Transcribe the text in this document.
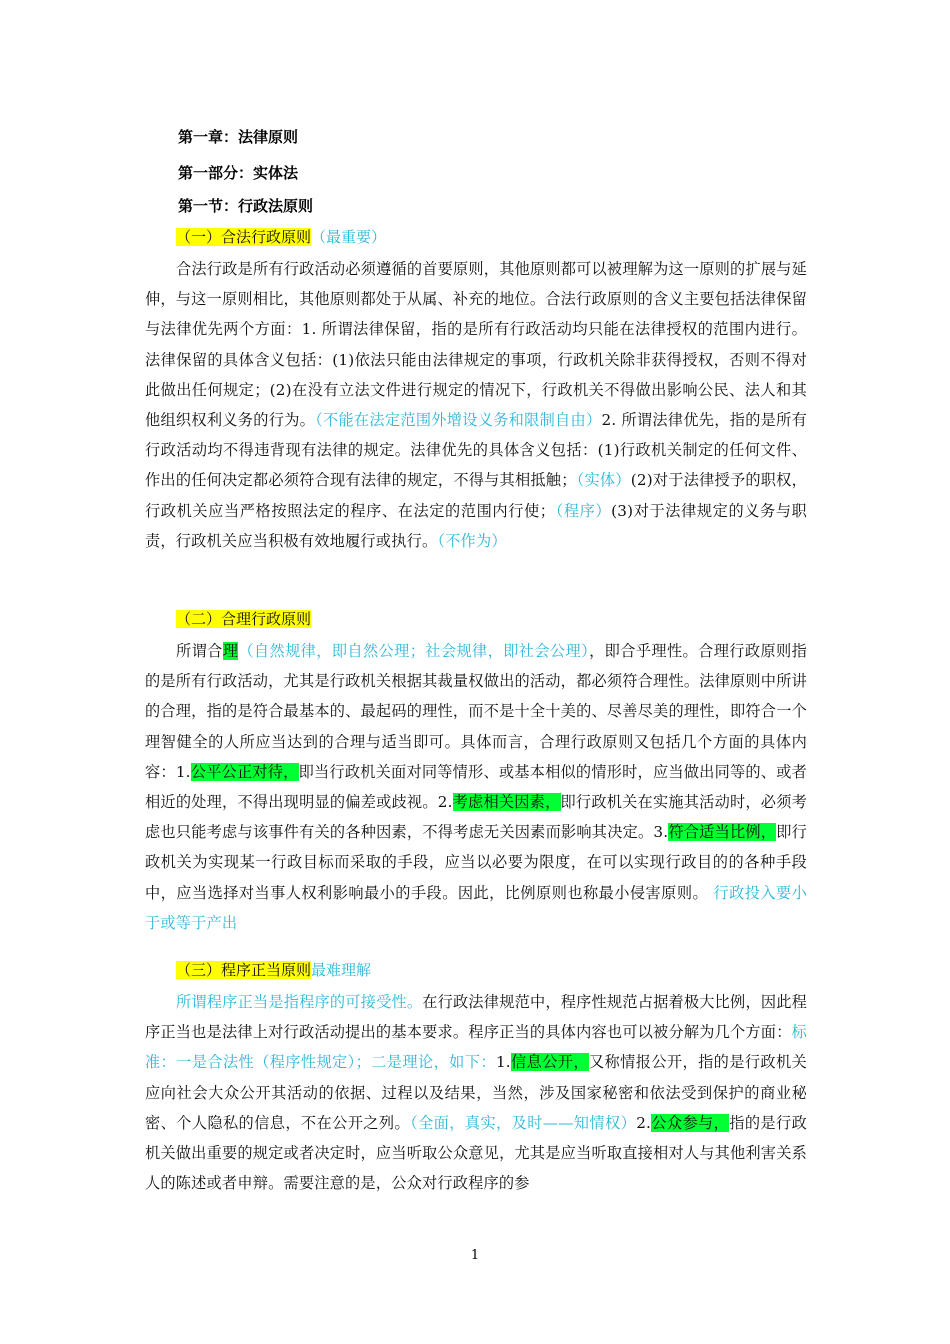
第一章：法律原则
第一部分：实体法
第一节：行政法原则
（一）合法行政原则（最重要）
合法行政是所有行政活动必须遵循的首要原则，其他原则都可以被理解为这一原则的扩展与延伸，与这一原则相比，其他原则都处于从属、补充的地位。合法行政原则的含义主要包括法律保留与法律优先两个方面：1. 所谓法律保留，指的是所有行政活动均只能在法律授权的范围内进行。法律保留的具体含义包括：(1)依法只能由法律规定的事项，行政机关除非获得授权，否则不得对此做出任何规定；(2)在没有立法文件进行规定的情况下，行政机关不得做出影响公民、法人和其他组织权利义务的行为。（不能在法定范围外增设义务和限制自由）2. 所谓法律优先，指的是所有行政活动均不得违背现有法律的规定。法律优先的具体含义包括：(1)行政机关制定的任何文件、作出的任何决定都必须符合现有法律的规定，不得与其相抵触；（实体）(2)对于法律授予的职权，行政机关应当严格按照法定的程序、在法定的范围内行使；（程序）(3)对于法律规定的义务与职责，行政机关应当积极有效地履行或执行。（不作为）
（二）合理行政原则
所谓合理（自然规律，即自然公理；社会规律，即社会公理），即合乎理性。合理行政原则指的是所有行政活动，尤其是行政机关根据其裁量权做出的活动，都必须符合理性。法律原则中所讲的合理，指的是符合最基本的、最起码的理性，而不是十全十美的、尽善尽美的理性，即符合一个理智健全的人所应当达到的合理与适当即可。具体而言，合理行政原则又包括几个方面的具体内容：1.公平公正对待，即当行政机关面对同等情形、或基本相似的情形时，应当做出同等的、或者相近的处理，不得出现明显的偏差或歧视。2.考虑相关因素，即行政机关在实施其活动时，必须考虑也只能考虑与该事件有关的各种因素，不得考虑无关因素而影响其决定。3.符合适当比例，即行政机关为实现某一行政目标而采取的手段，应当以必要为限度，在可以实现行政目的的各种手段中，应当选择对当事人权利影响最小的手段。因此，比例原则也称最小侵害原则。 行政投入要小于或等于产出
（三）程序正当原则最难理解
所谓程序正当是指程序的可接受性。在行政法律规范中，程序性规范占据着极大比例，因此程序正当也是法律上对行政活动提出的基本要求。程序正当的具体内容也可以被分解为几个方面：标准：一是合法性（程序性规定）；二是理论，如下：1.信息公开，又称情报公开，指的是行政机关应向社会大众公开其活动的依据、过程以及结果，当然，涉及国家秘密和依法受到保护的商业秘密、个人隐私的信息，不在公开之列。（全面，真实，及时——知情权）2.公众参与，指的是行政机关做出重要的规定或者决定时，应当听取公众意见，尤其是应当听取直接相对人与其他利害关系人的陈述或者申辩。需要注意的是，公众对行政程序的参
1
